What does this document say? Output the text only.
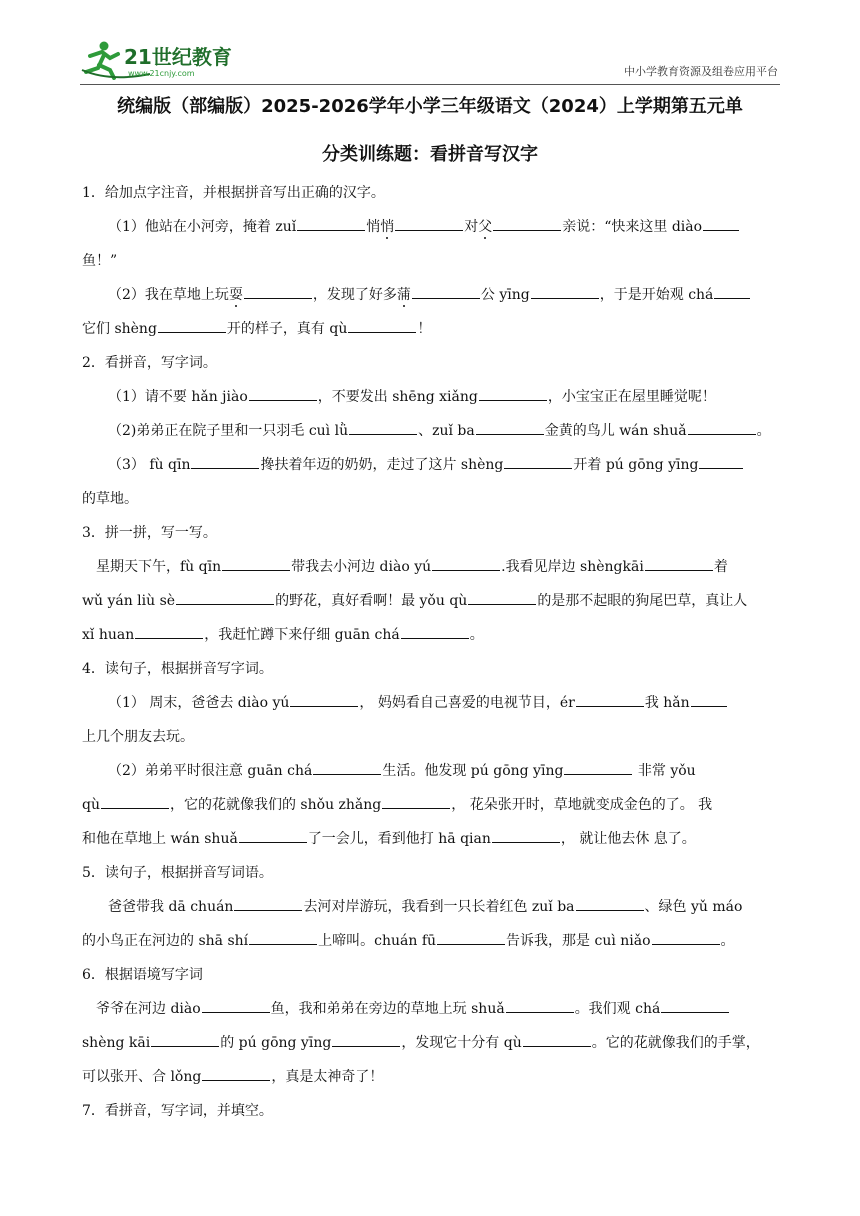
21世纪教育
www.21cnjy.com	中小学教育资源及组卷应用平台
统编版（部编版）2025-2026学年小学三年级语文（2024）上学期第五元单
分类训练题：看拼音写汉字

1．给加点字注音，并根据拼音写出正确的汉字。

（1）他站在小河旁，掩着 zuǐ	悄悄	对父	亲说：“快来这里 diào

鱼！”

（2）我在草地上玩耍	，发现了好多蒲	公 yīng	，于是开始观 chá

它们 shèng	开的样子，真有 qù	！

2．看拼音，写字词。

（1）请不要 hǎn jiào	，不要发出 shēng xiǎng	，小宝宝正在屋里睡觉呢！

（2)弟弟正在院子里和一只羽毛 cuì lǜ	、zuǐ ba	金黄的鸟儿 wán shuǎ	。

（3） fù qīn	搀扶着年迈的奶奶，走过了这片 shèng	开着 pú gōng yīng

的草地。

3．拼一拼，写一写。

星期天下午，fù qīn	带我去小河边 diào yú	.我看见岸边 shèngkāi	着

wǔ yán liù sè	的野花，真好看啊！最 yǒu qù	的是那不起眼的狗尾巴草，真让人

xǐ huan	，我赶忙蹲下来仔细 guān chá	。

4．读句子，根据拼音写字词。

（1） 周末，爸爸去 diào yú	， 妈妈看自己喜爱的电视节目，ér	我 hǎn

上几个朋友去玩。

（2）弟弟平时很注意 guān chá	生活。他发现 pú gōng yīng	非常 yǒu

qù	，它的花就像我们的 shǒu zhǎng	， 花朵张开时，草地就变成金色的了。 我

和他在草地上 wán shuǎ	了一会儿，看到他打 hā qian	， 就让他去休 息了。

5．读句子，根据拼音写词语。

爸爸带我 dā chuán	去河对岸游玩，我看到一只长着红色 zuǐ ba	、绿色 yǔ máo

的小鸟正在河边的 shā shí	上啼叫。chuán fū	告诉我，那是 cuì niǎo	。

6．根据语境写字词

爷爷在河边 diào	鱼，我和弟弟在旁边的草地上玩 shuǎ	。我们观 chá

shèng kāi	的 pú gōng yīng	，发现它十分有 qù	。它的花就像我们的手掌，

可以张开、合 lǒng	，真是太神奇了！

7．看拼音，写字词，并填空。
